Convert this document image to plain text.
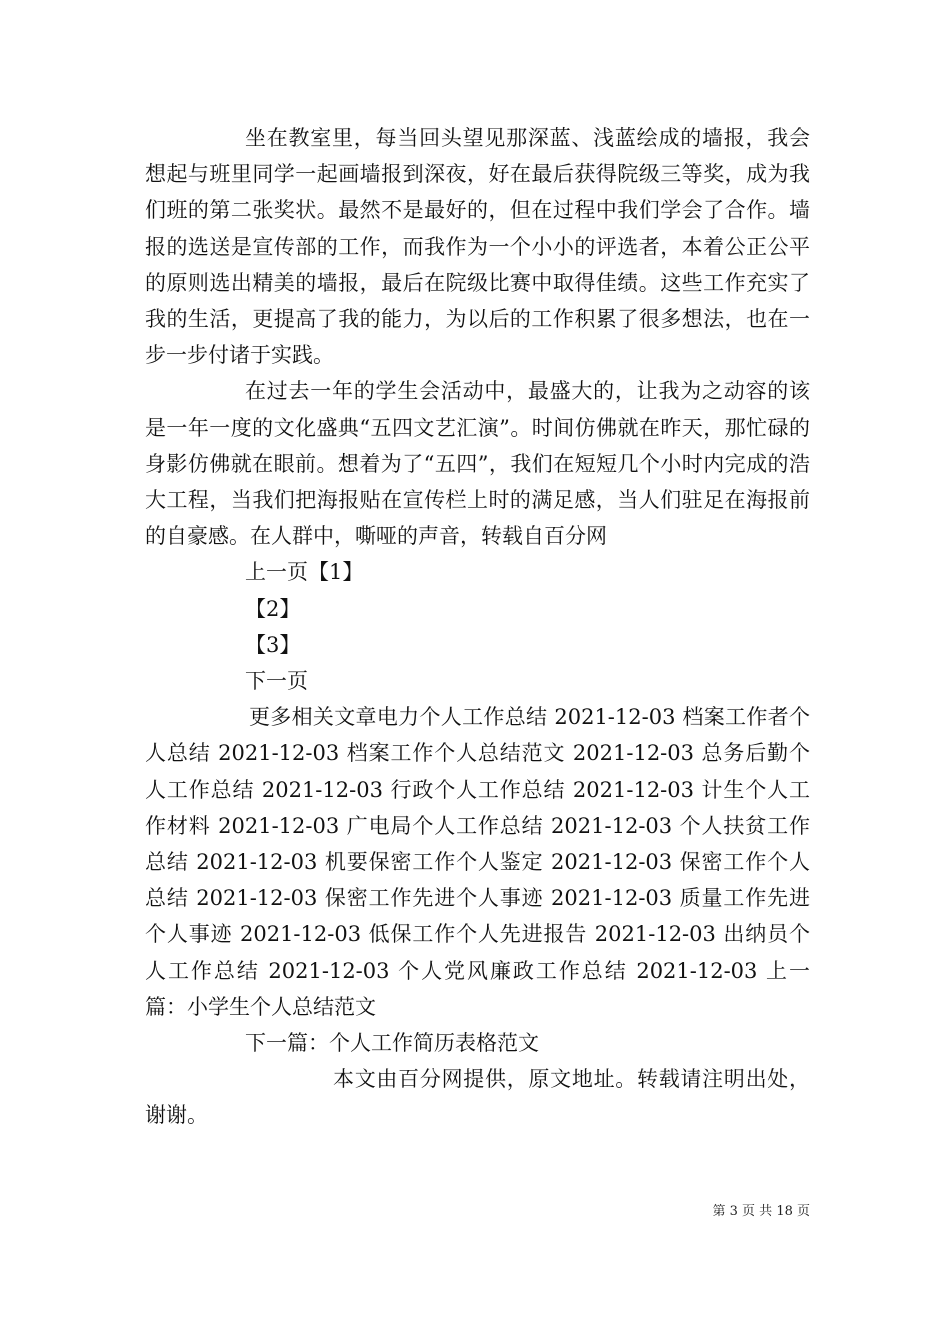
坐在教室里，每当回头望见那深蓝、浅蓝绘成的墙报，我会想起与班里同学一起画墙报到深夜，好在最后获得院级三等奖，成为我们班的第二张奖状。最然不是最好的，但在过程中我们学会了合作。墙报的选送是宣传部的工作，而我作为一个小小的评选者，本着公正公平的原则选出精美的墙报，最后在院级比赛中取得佳绩。这些工作充实了我的生活，更提高了我的能力，为以后的工作积累了很多想法，也在一步一步付诸于实践。

在过去一年的学生会活动中，最盛大的，让我为之动容的该是一年一度的文化盛典“五四文艺汇演”。时间仿佛就在昨天，那忙碌的身影仿佛就在眼前。想着为了“五四”，我们在短短几个小时内完成的浩大工程，当我们把海报贴在宣传栏上时的满足感，当人们驻足在海报前的自豪感。在人群中，嘶哑的声音，转载自百分网

上一页【1】

【2】

【3】

下一页

更多相关文章电力个人工作总结 2021-12-03 档案工作者个人总结 2021-12-03 档案工作个人总结范文 2021-12-03 总务后勤个人工作总结 2021-12-03 行政个人工作总结 2021-12-03 计生个人工作材料 2021-12-03 广电局个人工作总结 2021-12-03 个人扶贫工作总结 2021-12-03 机要保密工作个人鉴定 2021-12-03 保密工作个人总结 2021-12-03 保密工作先进个人事迹 2021-12-03 质量工作先进个人事迹 2021-12-03 低保工作个人先进报告 2021-12-03 出纳员个人工作总结 2021-12-03 个人党风廉政工作总结 2021-12-03 上一篇：小学生个人总结范文

下一篇：个人工作简历表格范文

本文由百分网提供，原文地址。转载请注明出处，谢谢。

第 3 页 共 18 页
